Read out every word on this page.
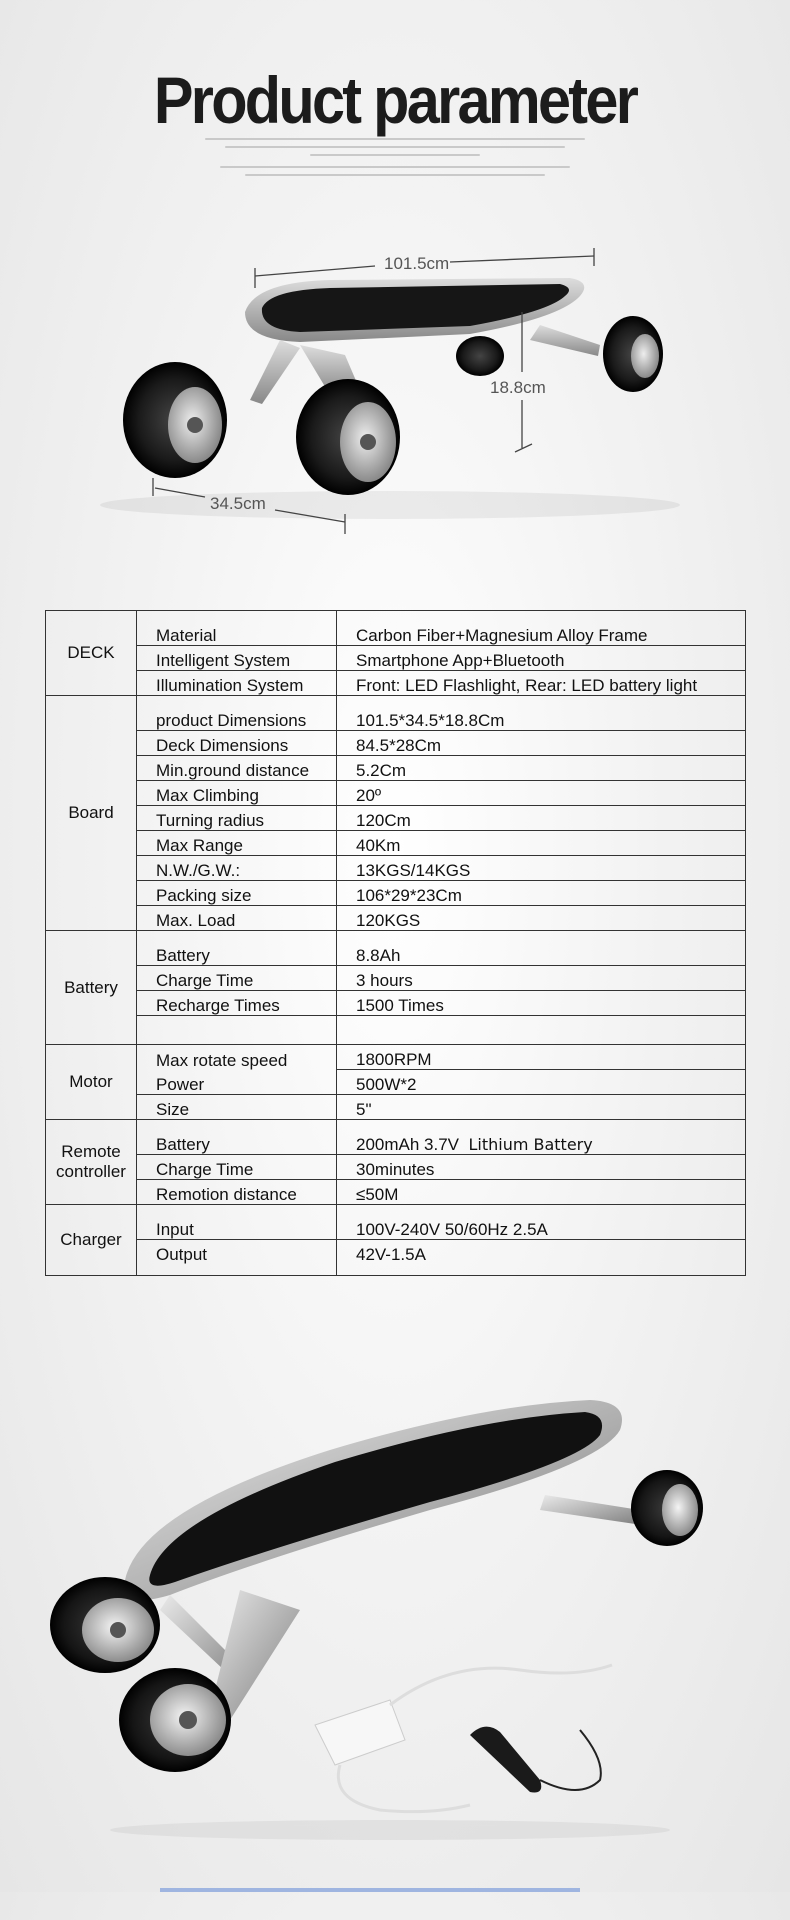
Product parameter
101.5cm
18.8cm
34.5cm
DECK	Material	Carbon Fiber+Magnesium Alloy Frame
	Intelligent System	Smartphone App+Bluetooth
	Illumination System	Front: LED Flashlight, Rear: LED battery light
Board	product Dimensions	101.5*34.5*18.8Cm
	Deck Dimensions	84.5*28Cm
	Min.ground distance	5.2Cm
	Max Climbing	20º
	Turning radius	120Cm
	Max Range	40Km
	N.W./G.W.:	13KGS/14KGS
	Packing size	106*29*23Cm
	Max. Load	120KGS
Battery	Battery	8.8Ah
	Charge Time	3 hours
	Recharge Times	1500 Times

Motor	Max rotate speed	1800RPM
	Power	500W*2
	Size	5"
Remote controller	Battery	200mAh 3.7V Lithium Battery
	Charge Time	30minutes
	Remotion distance	≤50M
Charger	Input	100V-240V 50/60Hz 2.5A
	Output	42V-1.5A
